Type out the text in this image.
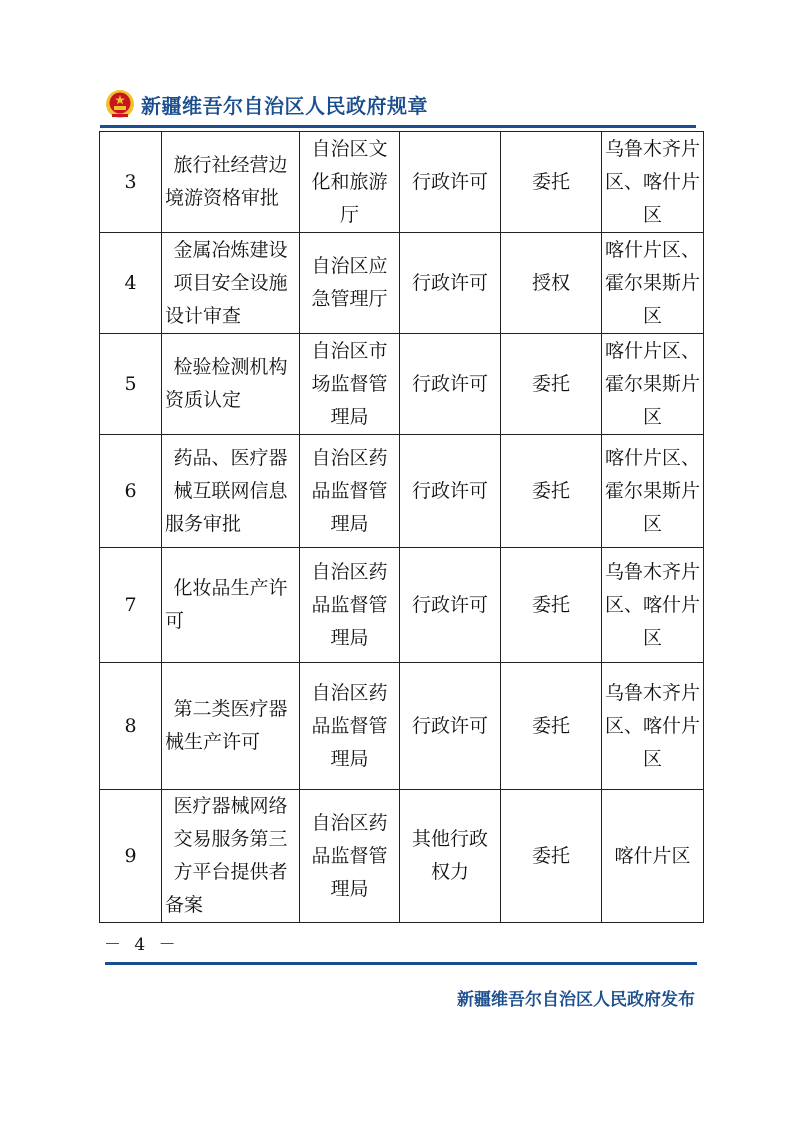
新疆维吾尔自治区人民政府规章
3	旅行社经营边境游资格审批	自治区文化和旅游厅	行政许可	委托	乌鲁木齐片区、喀什片区
4	金属冶炼建设项目安全设施设计审查	自治区应急管理厅	行政许可	授权	喀什片区、霍尔果斯片区
5	检验检测机构资质认定	自治区市场监督管理局	行政许可	委托	喀什片区、霍尔果斯片区
6	药品、医疗器械互联网信息服务审批	自治区药品监督管理局	行政许可	委托	喀什片区、霍尔果斯片区
7	化妆品生产许可	自治区药品监督管理局	行政许可	委托	乌鲁木齐片区、喀什片区
8	第二类医疗器械生产许可	自治区药品监督管理局	行政许可	委托	乌鲁木齐片区、喀什片区
9	医疗器械网络交易服务第三方平台提供者备案	自治区药品监督管理局	其他行政权力	委托	喀什片区
－ 4 －
新疆维吾尔自治区人民政府发布
